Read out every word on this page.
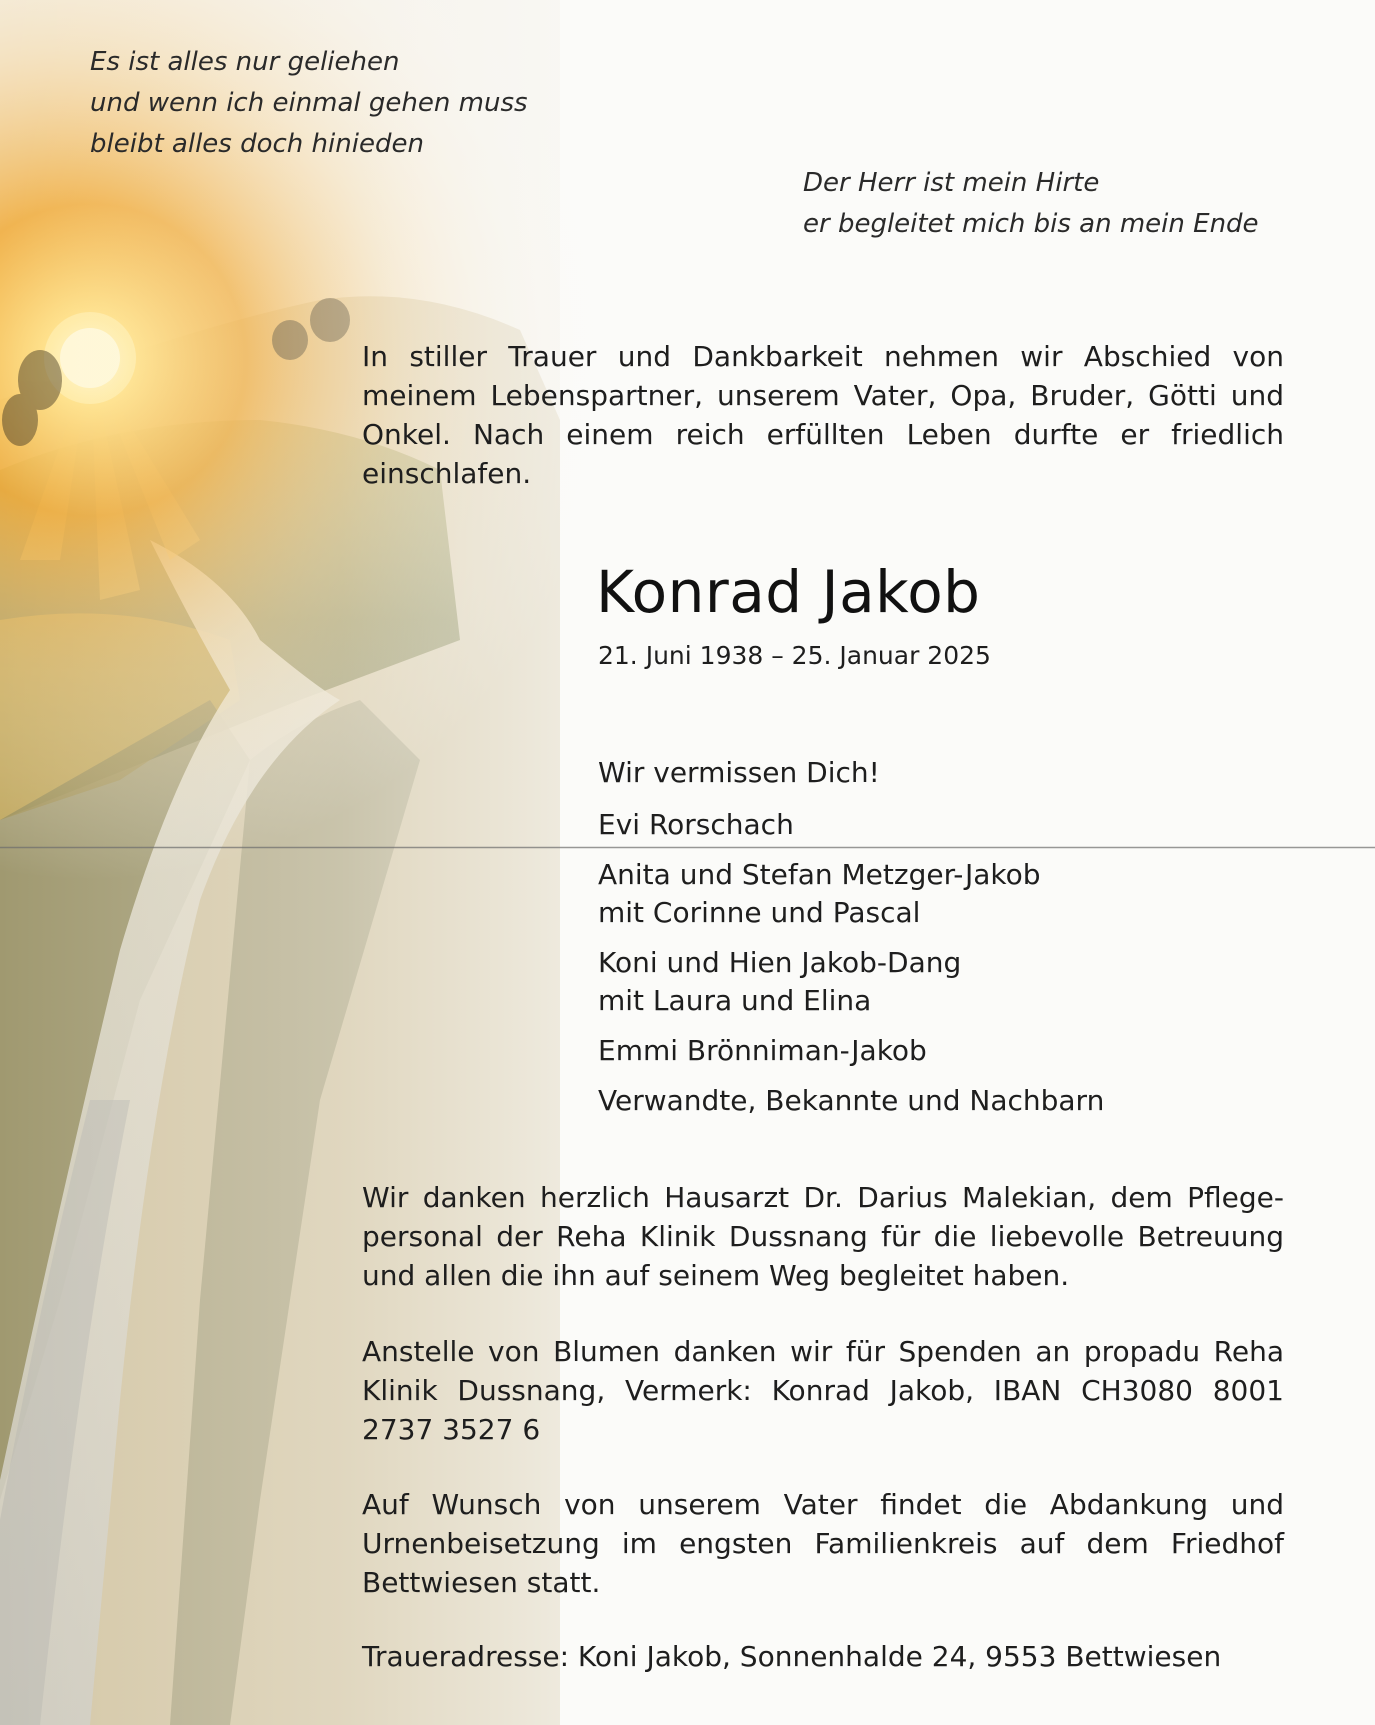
Es ist alles nur geliehen
und wenn ich einmal gehen muss
bleibt alles doch hinieden
Der Herr ist mein Hirte
er begleitet mich bis an mein Ende
In stiller Trauer und Dankbarkeit nehmen wir Abschied von meinem Lebenspartner, unserem Vater, Opa, Bruder, Götti und Onkel. Nach einem reich erfüllten Leben durfte er friedlich einschlafen.
Konrad Jakob
21. Juni 1938 – 25. Januar 2025
Wir vermissen Dich!
Evi Rorschach
Anita und Stefan Metzger-Jakob
mit Corinne und Pascal
Koni und Hien Jakob-Dang
mit Laura und Elina
Emmi Brönniman-Jakob
Verwandte, Bekannte und Nachbarn
Wir danken herzlich Hausarzt Dr. Darius Malekian, dem Pflegepersonal der Reha Klinik Dussnang für die liebevolle Betreuung und allen die ihn auf seinem Weg begleitet haben.
Anstelle von Blumen danken wir für Spenden an propadu Reha Klinik Dussnang, Vermerk: Konrad Jakob, IBAN CH3080 8001 2737 3527 6
Auf Wunsch von unserem Vater findet die Abdankung und Urnenbeisetzung im engsten Familienkreis auf dem Friedhof Bettwiesen statt.
Traueradresse: Koni Jakob, Sonnenhalde 24, 9553 Bettwiesen
